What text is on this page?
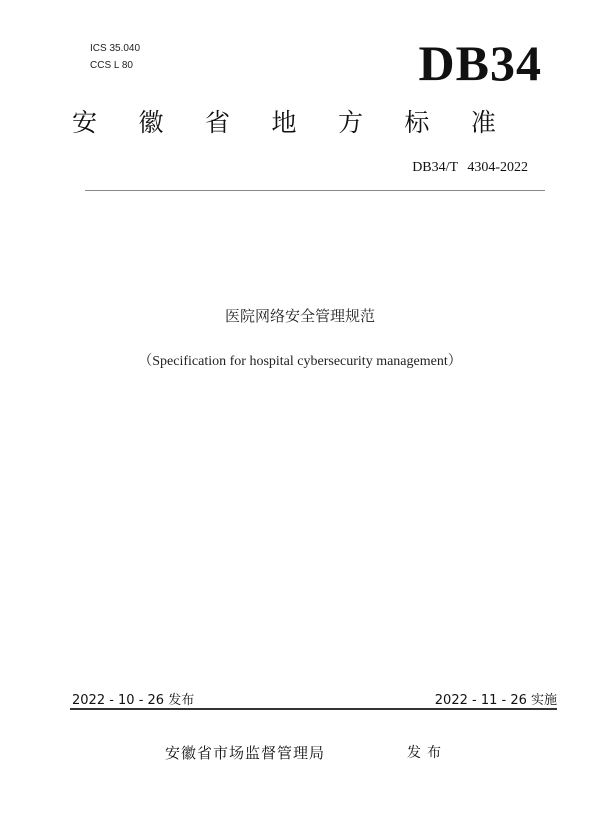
ICS 35.040
CCS L 80	DB34
安 徽 省 地 方 标 准
DB34/T 4304-2022
医院网络安全管理规范
（Specification for hospital cybersecurity management）
2022 - 10 - 26 发布	2022 - 11 - 26 实施
安徽省市场监督管理局	发布
